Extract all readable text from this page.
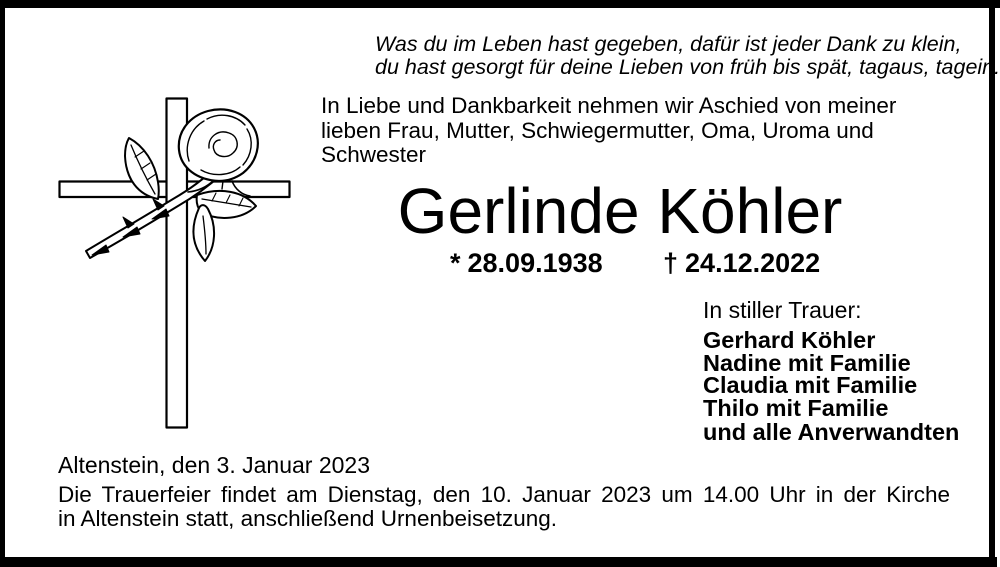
Was du im Leben hast gegeben, dafür ist jeder Dank zu klein,
du hast gesorgt für deine Lieben von früh bis spät, tagaus, tagein.
In Liebe und Dankbarkeit nehmen wir Aschied von meiner
lieben Frau, Mutter, Schwiegermutter, Oma, Uroma und
Schwester
Gerlinde Köhler
* 28.09.1938 † 24.12.2022
In stiller Trauer:
Gerhard Köhler
Nadine mit Familie
Claudia mit Familie
Thilo mit Familie
und alle Anverwandten
Altenstein, den 3. Januar 2023
Die Trauerfeier findet am Dienstag, den 10. Januar 2023 um 14.00 Uhr in der Kirche
in Altenstein statt, anschließend Urnenbeisetzung.
